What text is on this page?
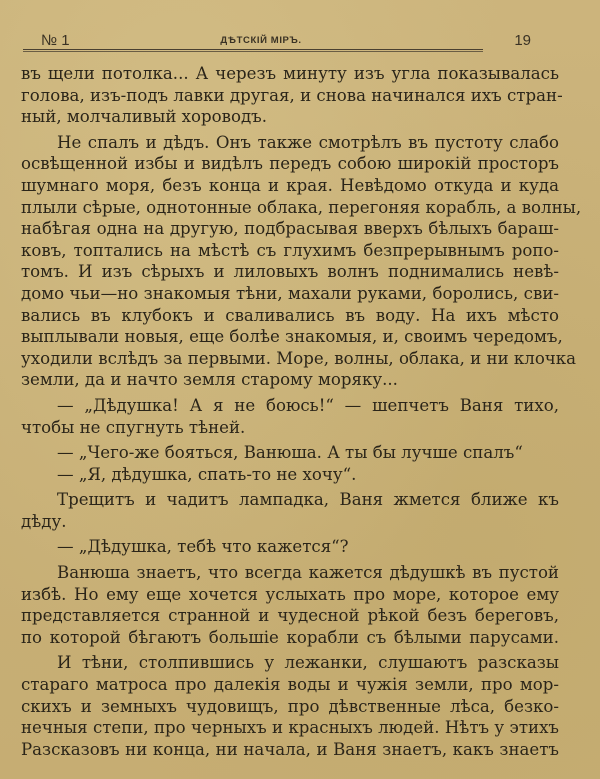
№ 1	ДѢТСКІЙ МІРЪ.	19
въ щели потолка... А черезъ минуту изъ угла показывалась
голова, изъ-подъ лавки другая, и снова начинался ихъ стран-
ный, молчаливый хороводъ.
Не спалъ и дѣдъ. Онъ также смотрѣлъ въ пустоту слабо
освѣщенной избы и видѣлъ передъ собою широкій просторъ
шумнаго моря, безъ конца и края. Невѣдомо откуда и куда
плыли сѣрые, однотонные облака, перегоняя корабль, а волны,
набѣгая одна на другую, подбрасывая вверхъ бѣлыхъ бараш-
ковъ, топтались на мѣстѣ съ глухимъ безпрерывнымъ ропо-
томъ. И изъ сѣрыхъ и лиловыхъ волнъ поднимались невѣ-
домо чьи—но знакомыя тѣни, махали руками, боролись, сви-
вались въ клубокъ и сваливались въ воду. На ихъ мѣсто
выплывали новыя, еще болѣе знакомыя, и, своимъ чередомъ,
уходили вслѣдъ за первыми. Море, волны, облака, и ни клочка
земли, да и начто земля старому моряку...
— „Дѣдушка! А я не боюсь!“ — шепчетъ Ваня тихо,
чтобы не спугнуть тѣней.
— „Чего-же бояться, Ванюша. А ты бы лучше спалъ“
— „Я, дѣдушка, спать-то не хочу“.
Трещитъ и чадитъ лампадка, Ваня жмется ближе къ
дѣду.
— „Дѣдушка, тебѣ что кажется“?
Ванюша знаетъ, что всегда кажется дѣдушкѣ въ пустой
избѣ. Но ему еще хочется услыхать про море, которое ему
представляется странной и чудесной рѣкой безъ береговъ,
по которой бѣгаютъ большіе корабли съ бѣлыми парусами.
И тѣни, столпившись у лежанки, слушаютъ разсказы
стараго матроса про далекія воды и чужія земли, про мор-
скихъ и земныхъ чудовищъ, про дѣвственные лѣса, безко-
нечныя степи, про черныхъ и красныхъ людей. Нѣтъ у этихъ
Разсказовъ ни конца, ни начала, и Ваня знаетъ, какъ знаетъ
